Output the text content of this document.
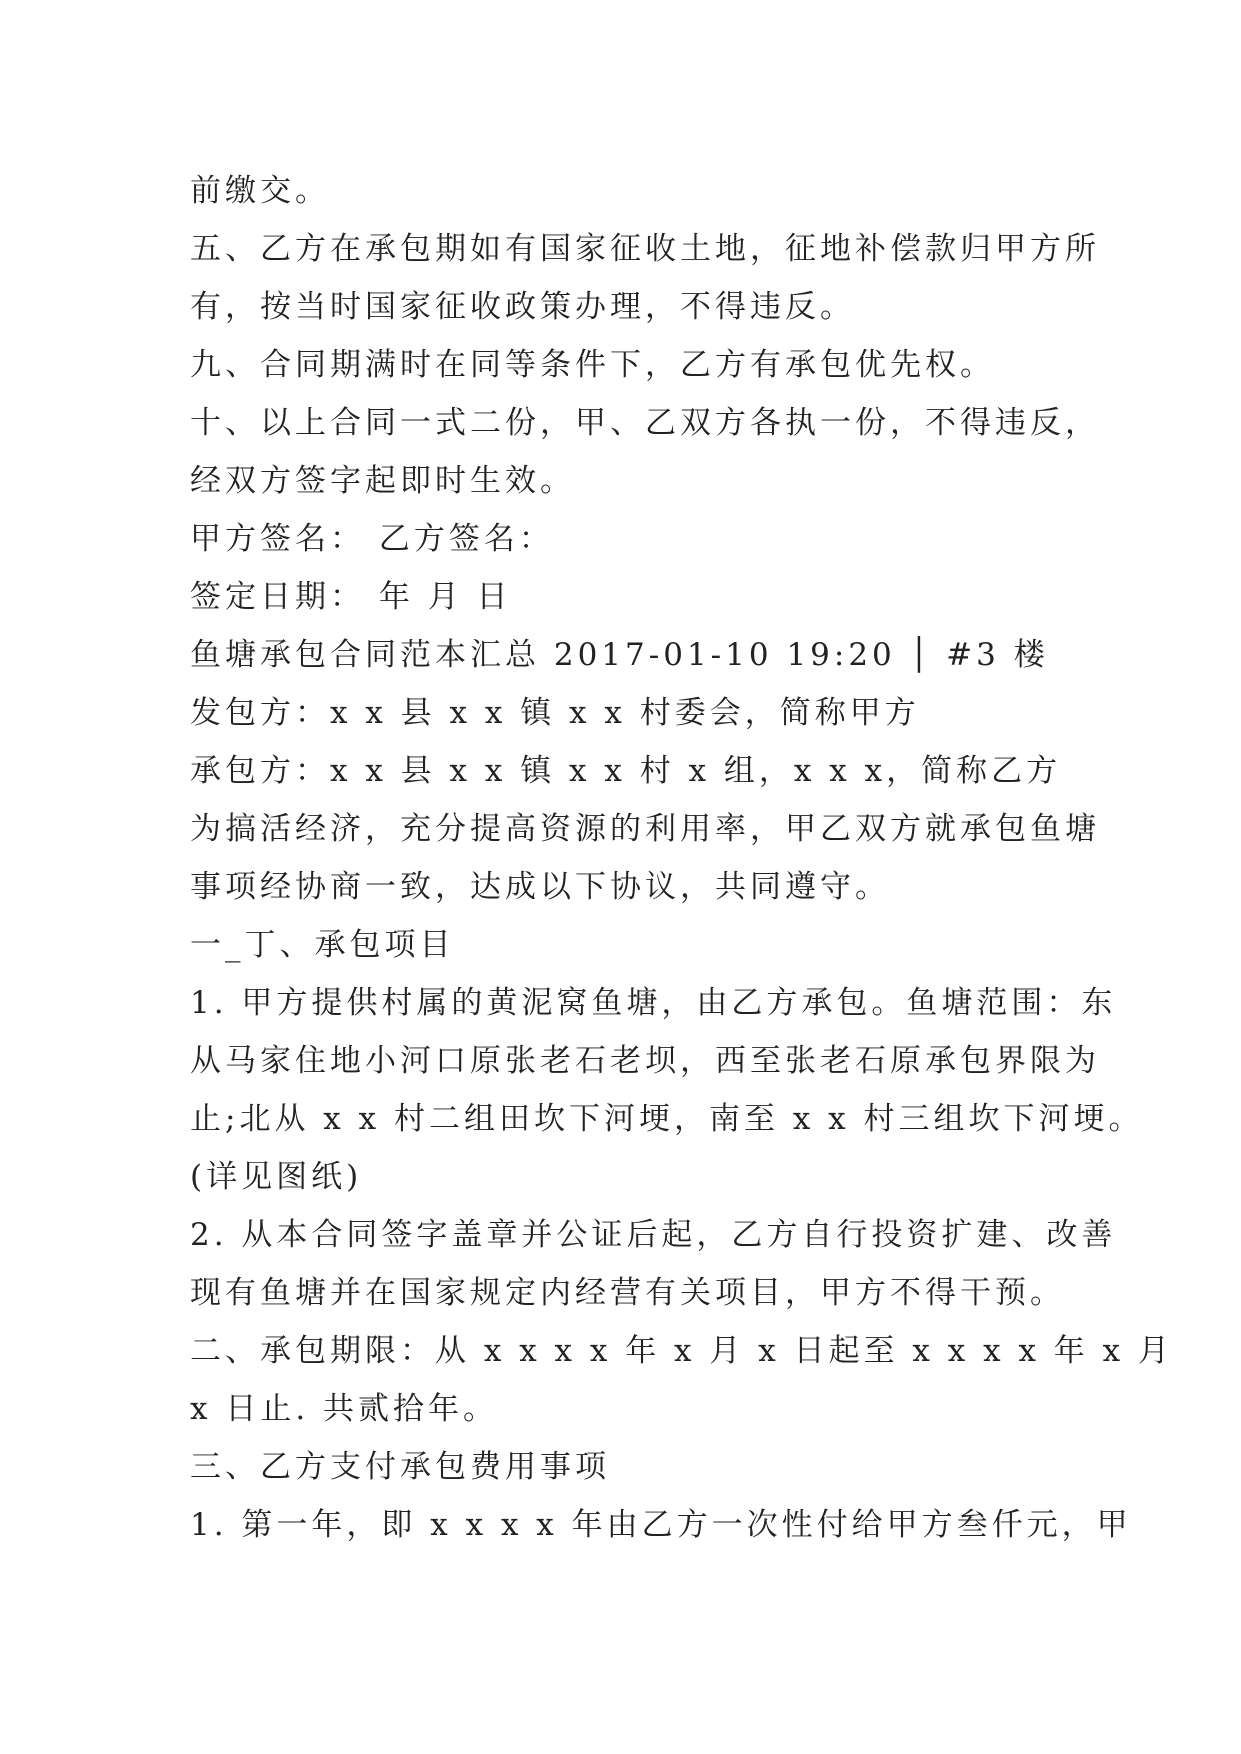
前缴交。
五、乙方在承包期如有国家征收土地，征地补偿款归甲方所
有，按当时国家征收政策办理，不得违反。
九、合同期满时在同等条件下，乙方有承包优先权。
十、以上合同一式二份，甲、乙双方各执一份，不得违反，
经双方签字起即时生效。
甲方签名： 乙方签名：
签定日期： 年 月 日
鱼塘承包合同范本汇总 2017-01-10 19:20 │ #3 楼
发包方：x x 县 x x 镇 x x 村委会，简称甲方
承包方：x x 县 x x 镇 x x 村 x 组，x x x，简称乙方
为搞活经济，充分提高资源的利用率，甲乙双方就承包鱼塘
事项经协商一致，达成以下协议，共同遵守。
一_丁、承包项目
1. 甲方提供村属的黄泥窝鱼塘，由乙方承包。鱼塘范围：东
从马家住地小河口原张老石老坝，西至张老石原承包界限为
止;北从 x x 村二组田坎下河埂，南至 x x 村三组坎下河埂。
(详见图纸)
2. 从本合同签字盖章并公证后起，乙方自行投资扩建、改善
现有鱼塘并在国家规定内经营有关项目，甲方不得干预。
二、承包期限：从 x x x x 年 x 月 x 日起至 x x x x 年 x 月
x 日止. 共贰拾年。
三、乙方支付承包费用事项
1. 第一年，即 x x x x 年由乙方一次性付给甲方叁仟元，甲
